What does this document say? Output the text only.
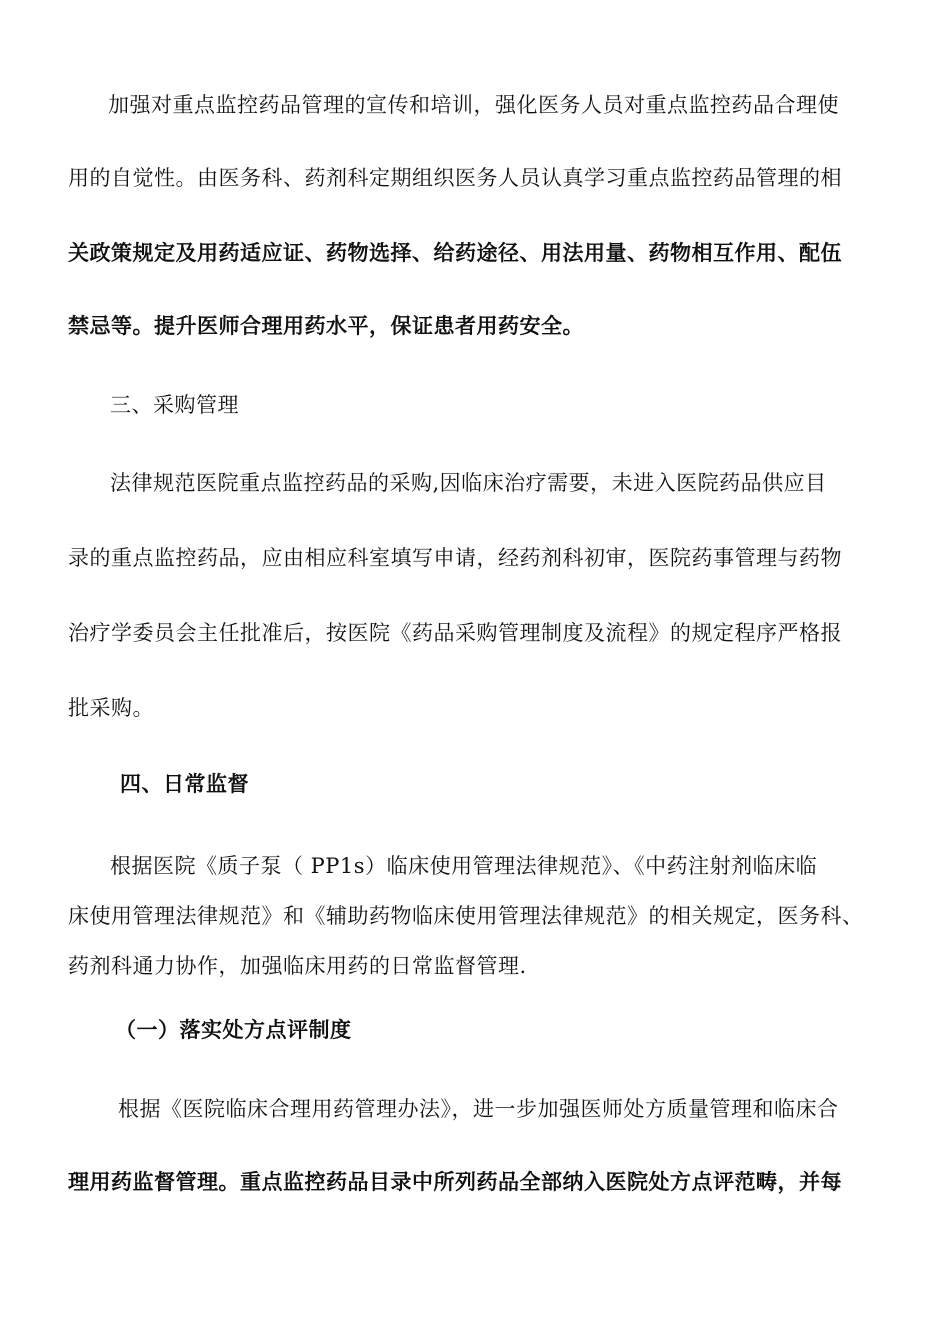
加强对重点监控药品管理的宣传和培训，强化医务人员对重点监控药品合理使
用的自觉性。由医务科、药剂科定期组织医务人员认真学习重点监控药品管理的相
关政策规定及用药适应证、药物选择、给药途径、用法用量、药物相互作用、配伍
禁忌等。提升医师合理用药水平，保证患者用药安全。
三、采购管理
法律规范医院重点监控药品的采购,因临床治疗需要，未进入医院药品供应目
录的重点监控药品，应由相应科室填写申请，经药剂科初审，医院药事管理与药物
治疗学委员会主任批准后，按医院《药品采购管理制度及流程》的规定程序严格报
批采购。
四、日常监督
根据医院《质子泵（ PP1s）临床使用管理法律规范》、《中药注射剂临床临
床使用管理法律规范》和《辅助药物临床使用管理法律规范》的相关规定，医务科、
药剂科通力协作，加强临床用药的日常监督管理.
（一）落实处方点评制度
根据《医院临床合理用药管理办法》，进一步加强医师处方质量管理和临床合
理用药监督管理。重点监控药品目录中所列药品全部纳入医院处方点评范畴，并每
